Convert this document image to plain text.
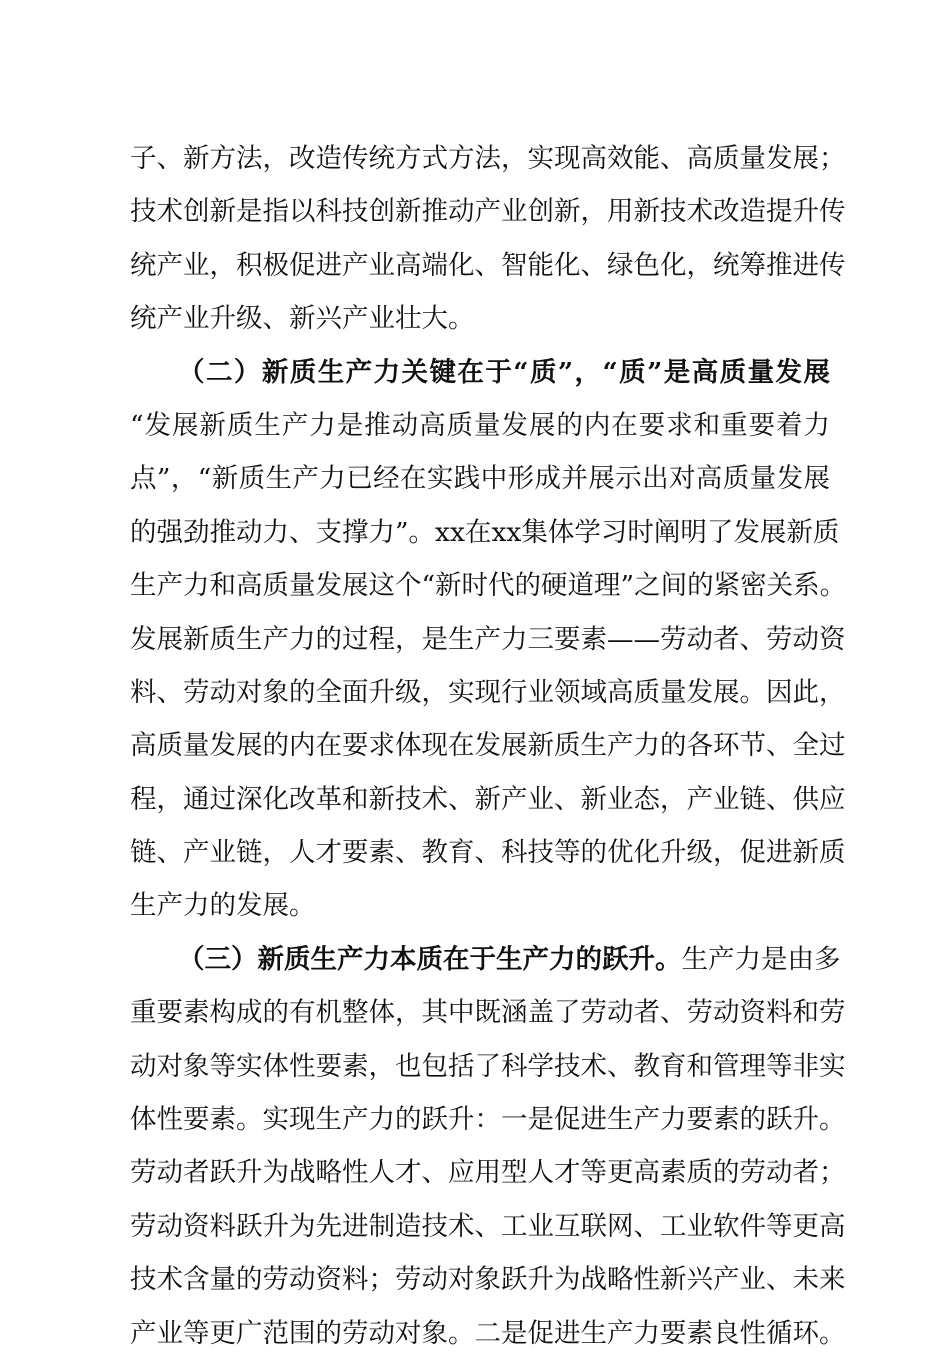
子、新方法，改造传统方式方法，实现高效能、高质量发展；
技术创新是指以科技创新推动产业创新，用新技术改造提升传
统产业，积极促进产业高端化、智能化、绿色化，统筹推进传
统产业升级、新兴产业壮大。
（二）新质生产力关键在于“质”，“质”是高质量发展
“发展新质生产力是推动高质量发展的内在要求和重要着力
点”，“新质生产力已经在实践中形成并展示出对高质量发展
的强劲推动力、支撑力”。xx在xx集体学习时阐明了发展新质
生产力和高质量发展这个“新时代的硬道理”之间的紧密关系。
发展新质生产力的过程，是生产力三要素——劳动者、劳动资
料、劳动对象的全面升级，实现行业领域高质量发展。因此，
高质量发展的内在要求体现在发展新质生产力的各环节、全过
程，通过深化改革和新技术、新产业、新业态，产业链、供应
链、产业链，人才要素、教育、科技等的优化升级，促进新质
生产力的发展。
（三）新质生产力本质在于生产力的跃升。生产力是由多
重要素构成的有机整体，其中既涵盖了劳动者、劳动资料和劳
动对象等实体性要素，也包括了科学技术、教育和管理等非实
体性要素。实现生产力的跃升：一是促进生产力要素的跃升。
劳动者跃升为战略性人才、应用型人才等更高素质的劳动者；
劳动资料跃升为先进制造技术、工业互联网、工业软件等更高
技术含量的劳动资料；劳动对象跃升为战略性新兴产业、未来
产业等更广范围的劳动对象。二是促进生产力要素良性循环。
